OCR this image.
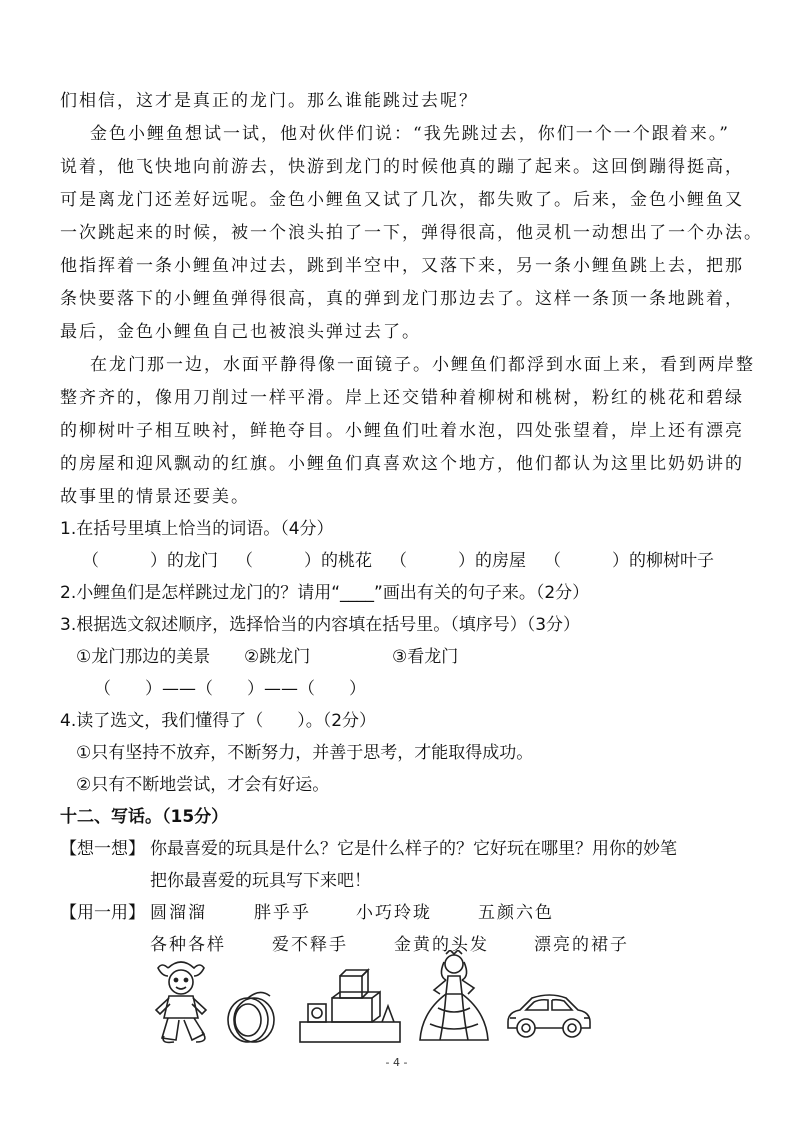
们相信，这才是真正的龙门。那么谁能跳过去呢？
金色小鲤鱼想试一试，他对伙伴们说：“我先跳过去，你们一个一个跟着来。”
说着，他飞快地向前游去，快游到龙门的时候他真的蹦了起来。这回倒蹦得挺高，
可是离龙门还差好远呢。金色小鲤鱼又试了几次，都失败了。后来，金色小鲤鱼又
一次跳起来的时候，被一个浪头拍了一下，弹得很高，他灵机一动想出了一个办法。
他指挥着一条小鲤鱼冲过去，跳到半空中，又落下来，另一条小鲤鱼跳上去，把那
条快要落下的小鲤鱼弹得很高，真的弹到龙门那边去了。这样一条顶一条地跳着，
最后，金色小鲤鱼自己也被浪头弹过去了。
在龙门那一边，水面平静得像一面镜子。小鲤鱼们都浮到水面上来，看到两岸整
整齐齐的，像用刀削过一样平滑。岸上还交错种着柳树和桃树，粉红的桃花和碧绿
的柳树叶子相互映衬，鲜艳夺目。小鲤鱼们吐着水泡，四处张望着，岸上还有漂亮
的房屋和迎风飘动的红旗。小鲤鱼们真喜欢这个地方，他们都认为这里比奶奶讲的
故事里的情景还要美。
1.在括号里填上恰当的词语。（4分）
（　　　）的龙门 （　　　）的桃花 （　　　）的房屋 （　　　）的柳树叶子
2.小鲤鱼们是怎样跳过龙门的？请用“____”画出有关的句子来。（2分）
3.根据选文叙述顺序，选择恰当的内容填在括号里。（填序号）（3分）
①龙门那边的美景 ②跳龙门	③看龙门
（　　）——（　　）——（　　）
4.读了选文，我们懂得了（　　）。（2分）
①只有坚持不放弃，不断努力，并善于思考，才能取得成功。
②只有不断地尝试，才会有好运。
十二、写话。（15分）
【想一想】 你最喜爱的玩具是什么？它是什么样子的？它好玩在哪里？用你的妙笔
把你最喜爱的玩具写下来吧！
【用一用】 圆溜溜	胖乎乎	小巧玲珑	五颜六色
各种各样	爱不释手	金黄的头发	漂亮的裙子
- 4 -
